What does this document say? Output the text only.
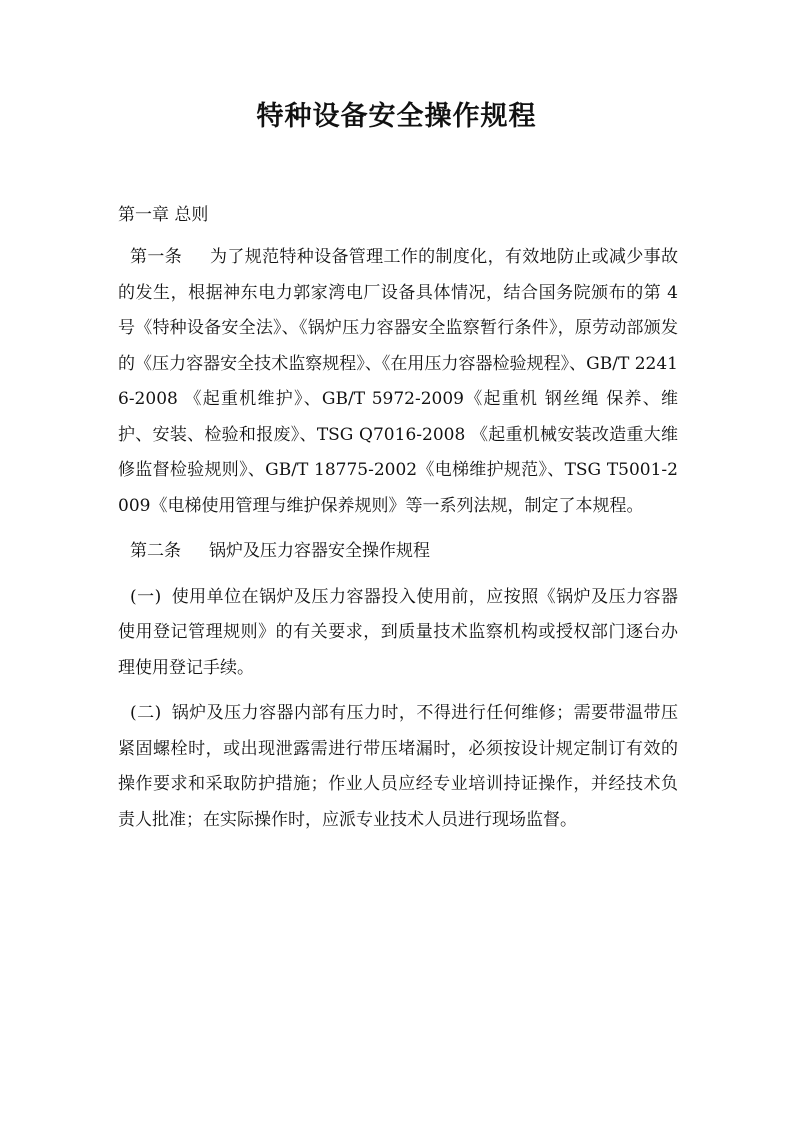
特种设备安全操作规程

第一章 总则

第一条 为了规范特种设备管理工作的制度化，有效地防止或减少事故的发生，根据神东电力郭家湾电厂设备具体情况，结合国务院颁布的第 4 号《特种设备安全法》、《锅炉压力容器安全监察暂行条件》，原劳动部颁发的《压力容器安全技术监察规程》、《在用压力容器检验规程》、GB/T 22416-2008 《起重机维护》、GB/T 5972-2009《起重机 钢丝绳 保养、维护、安装、检验和报废》、TSG Q7016-2008 《起重机械安装改造重大维修监督检验规则》、GB/T 18775-2002《电梯维护规范》、TSG T5001-2009《电梯使用管理与维护保养规则》等一系列法规，制定了本规程。

第二条 锅炉及压力容器安全操作规程

(一) 使用单位在锅炉及压力容器投入使用前，应按照《锅炉及压力容器使用登记管理规则》的有关要求，到质量技术监察机构或授权部门逐台办理使用登记手续。

(二) 锅炉及压力容器内部有压力时，不得进行任何维修；需要带温带压紧固螺栓时，或出现泄露需进行带压堵漏时，必须按设计规定制订有效的操作要求和采取防护措施；作业人员应经专业培训持证操作，并经技术负责人批准；在实际操作时，应派专业技术人员进行现场监督。
